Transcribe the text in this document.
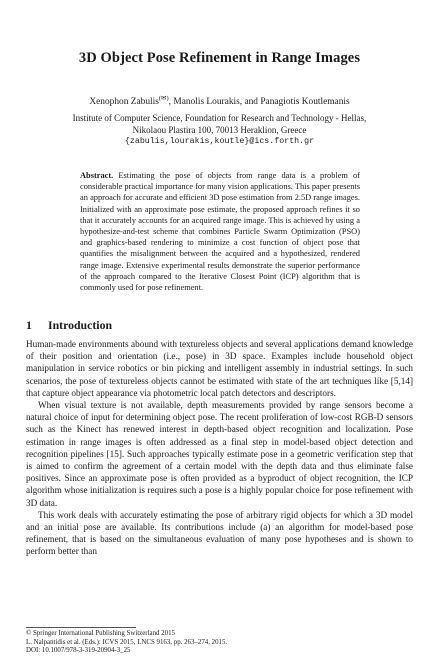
3D Object Pose Refinement in Range Images
Xenophon Zabulis(✉), Manolis Lourakis, and Panagiotis Koutlemanis
Institute of Computer Science, Foundation for Research and Technology - Hellas,
Nikolaou Plastira 100, 70013 Heraklion, Greece
{zabulis,lourakis,koutle}@ics.forth.gr
Abstract. Estimating the pose of objects from range data is a problem of considerable practical importance for many vision applications. This paper presents an approach for accurate and efficient 3D pose estimation from 2.5D range images. Initialized with an approximate pose estimate, the proposed approach refines it so that it accurately accounts for an acquired range image. This is achieved by using a hypothesize-and-test scheme that combines Particle Swarm Optimization (PSO) and graphics-based rendering to minimize a cost function of object pose that quantifies the misalignment between the acquired and a hypothesized, rendered range image. Extensive experimental results demonstrate the superior performance of the approach compared to the Iterative Closest Point (ICP) algorithm that is commonly used for pose refinement.
1 Introduction

Human-made environments abound with textureless objects and several applications demand knowledge of their position and orientation (i.e., pose) in 3D space. Examples include household object manipulation in service robotics or bin picking and intelligent assembly in industrial settings. In such scenarios, the pose of textureless objects cannot be estimated with state of the art techniques like [5,14] that capture object appearance via photometric local patch detectors and descriptors.

When visual texture is not available, depth measurements provided by range sensors become a natural choice of input for determining object pose. The recent proliferation of low-cost RGB-D sensors such as the Kinect has renewed interest in depth-based object recognition and localization. Pose estimation in range images is often addressed as a final step in model-based object detection and recognition pipelines [15]. Such approaches typically estimate pose in a geometric verification step that is aimed to confirm the agreement of a certain model with the depth data and thus eliminate false positives. Since an approximate pose is often provided as a byproduct of object recognition, the ICP algorithm whose initialization is requires such a pose is a highly popular choice for pose refinement with 3D data.

This work deals with accurately estimating the pose of arbitrary rigid objects for which a 3D model and an initial pose are available. Its contributions include (a) an algorithm for model-based pose refinement, that is based on the simultaneous evaluation of many pose hypotheses and is shown to perform better than

© Springer International Publishing Switzerland 2015
L. Nalpantidis et al. (Eds.): ICVS 2015, LNCS 9163, pp. 263–274, 2015.
DOI: 10.1007/978-3-319-20904-3_25
